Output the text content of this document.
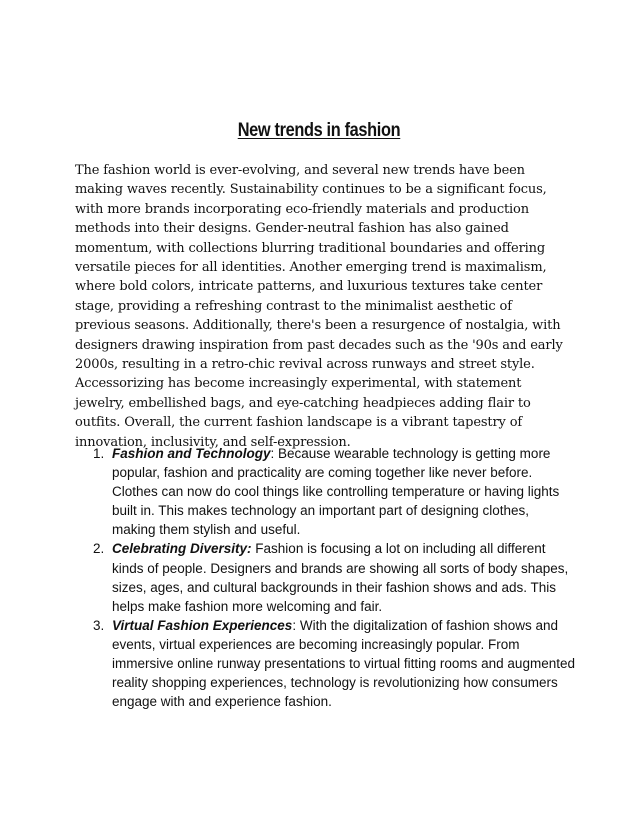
New trends in fashion

The fashion world is ever-evolving, and several new trends have been making waves recently. Sustainability continues to be a significant focus, with more brands incorporating eco-friendly materials and production methods into their designs. Gender-neutral fashion has also gained momentum, with collections blurring traditional boundaries and offering versatile pieces for all identities. Another emerging trend is maximalism, where bold colors, intricate patterns, and luxurious textures take center stage, providing a refreshing contrast to the minimalist aesthetic of previous seasons. Additionally, there's been a resurgence of nostalgia, with designers drawing inspiration from past decades such as the '90s and early 2000s, resulting in a retro-chic revival across runways and street style. Accessorizing has become increasingly experimental, with statement jewelry, embellished bags, and eye-catching headpieces adding flair to outfits. Overall, the current fashion landscape is a vibrant tapestry of innovation, inclusivity, and self-expression.

1. Fashion and Technology: Because wearable technology is getting more popular, fashion and practicality are coming together like never before. Clothes can now do cool things like controlling temperature or having lights built in. This makes technology an important part of designing clothes, making them stylish and useful.
2. Celebrating Diversity: Fashion is focusing a lot on including all different kinds of people. Designers and brands are showing all sorts of body shapes, sizes, ages, and cultural backgrounds in their fashion shows and ads. This helps make fashion more welcoming and fair.
3. Virtual Fashion Experiences: With the digitalization of fashion shows and events, virtual experiences are becoming increasingly popular. From immersive online runway presentations to virtual fitting rooms and augmented reality shopping experiences, technology is revolutionizing how consumers engage with and experience fashion.
